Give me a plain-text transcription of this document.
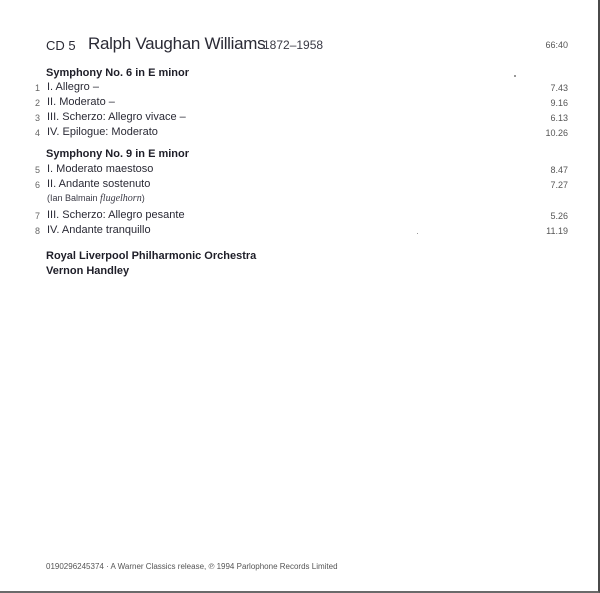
CD 5 Ralph Vaughan Williams
1872–1958	66:40
Symphony No. 6 in E minor
1 I. Allegro –	7.43
2 II. Moderato –	9.16
3 III. Scherzo: Allegro vivace –	6.13
4 IV. Epilogue: Moderato	10.26
Symphony No. 9 in E minor
5 I. Moderato maestoso	8.47
6 II. Andante sostenuto	7.27
(Ian Balmain flugelhorn)
7 III. Scherzo: Allegro pesante	5.26
8 IV. Andante tranquillo	11.19
Royal Liverpool Philharmonic Orchestra
Vernon Handley
0190296245374 · A Warner Classics release, ℗ 1994 Parlophone Records Limited
